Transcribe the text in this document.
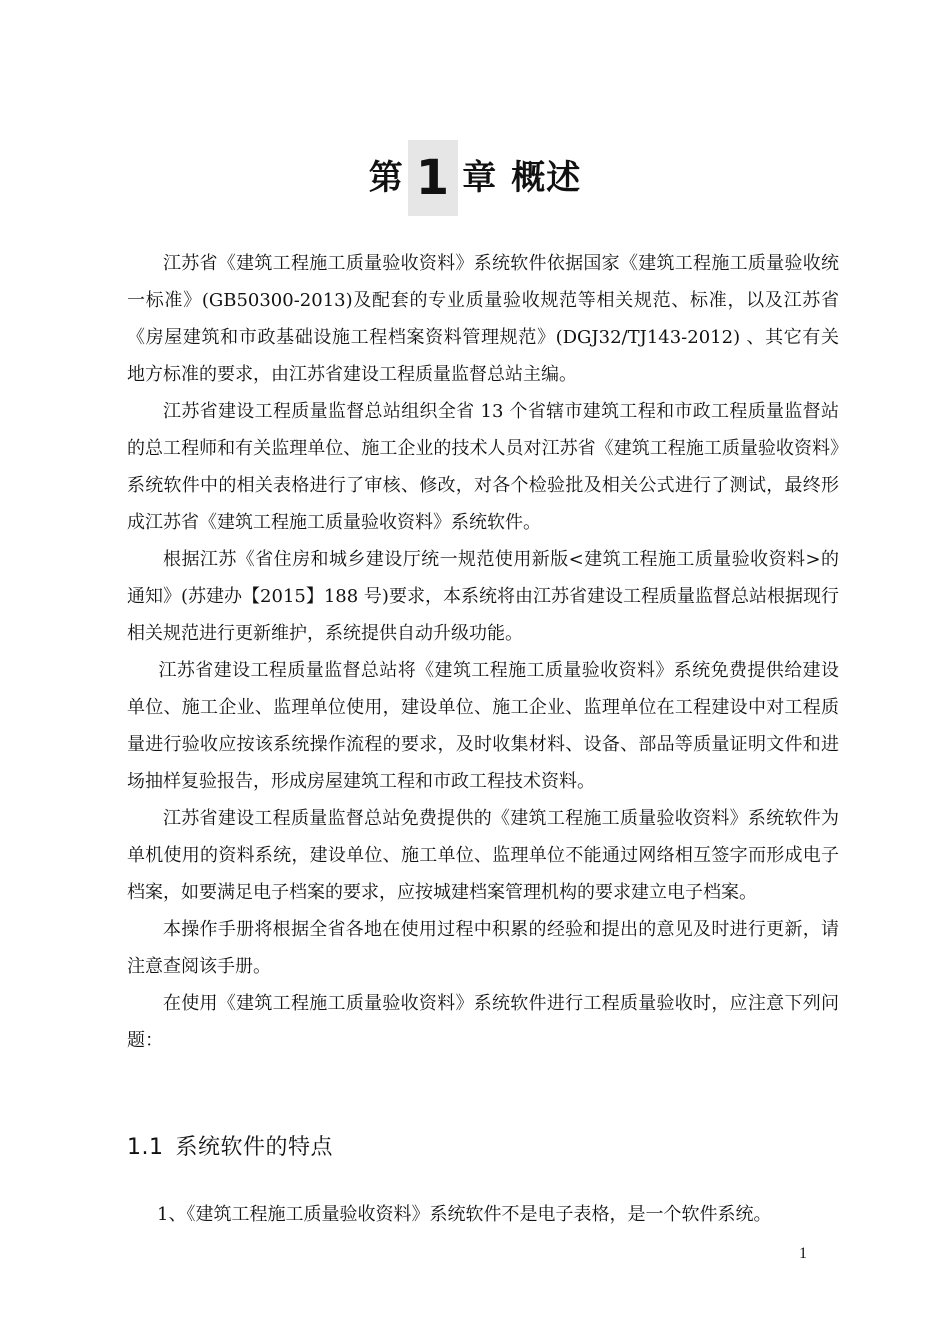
第 1 章 概述

江苏省《建筑工程施工质量验收资料》系统软件依据国家《建筑工程施工质量验收统一标准》(GB50300-2013)及配套的专业质量验收规范等相关规范、标准，以及江苏省《房屋建筑和市政基础设施工程档案资料管理规范》(DGJ32/TJ143-2012) 、其它有关地方标准的要求，由江苏省建设工程质量监督总站主编。

江苏省建设工程质量监督总站组织全省 13 个省辖市建筑工程和市政工程质量监督站的总工程师和有关监理单位、施工企业的技术人员对江苏省《建筑工程施工质量验收资料》系统软件中的相关表格进行了审核、修改，对各个检验批及相关公式进行了测试，最终形成江苏省《建筑工程施工质量验收资料》系统软件。

根据江苏《省住房和城乡建设厅统一规范使用新版<建筑工程施工质量验收资料>的通知》(苏建办【2015】188 号)要求，本系统将由江苏省建设工程质量监督总站根据现行相关规范进行更新维护，系统提供自动升级功能。

江苏省建设工程质量监督总站将《建筑工程施工质量验收资料》系统免费提供给建设单位、施工企业、监理单位使用，建设单位、施工企业、监理单位在工程建设中对工程质量进行验收应按该系统操作流程的要求，及时收集材料、设备、部品等质量证明文件和进场抽样复验报告，形成房屋建筑工程和市政工程技术资料。

江苏省建设工程质量监督总站免费提供的《建筑工程施工质量验收资料》系统软件为单机使用的资料系统，建设单位、施工单位、监理单位不能通过网络相互签字而形成电子档案，如要满足电子档案的要求，应按城建档案管理机构的要求建立电子档案。

本操作手册将根据全省各地在使用过程中积累的经验和提出的意见及时进行更新，请注意查阅该手册。

在使用《建筑工程施工质量验收资料》系统软件进行工程质量验收时，应注意下列问题：

1.1 系统软件的特点
1、《建筑工程施工质量验收资料》系统软件不是电子表格，是一个软件系统。
1
